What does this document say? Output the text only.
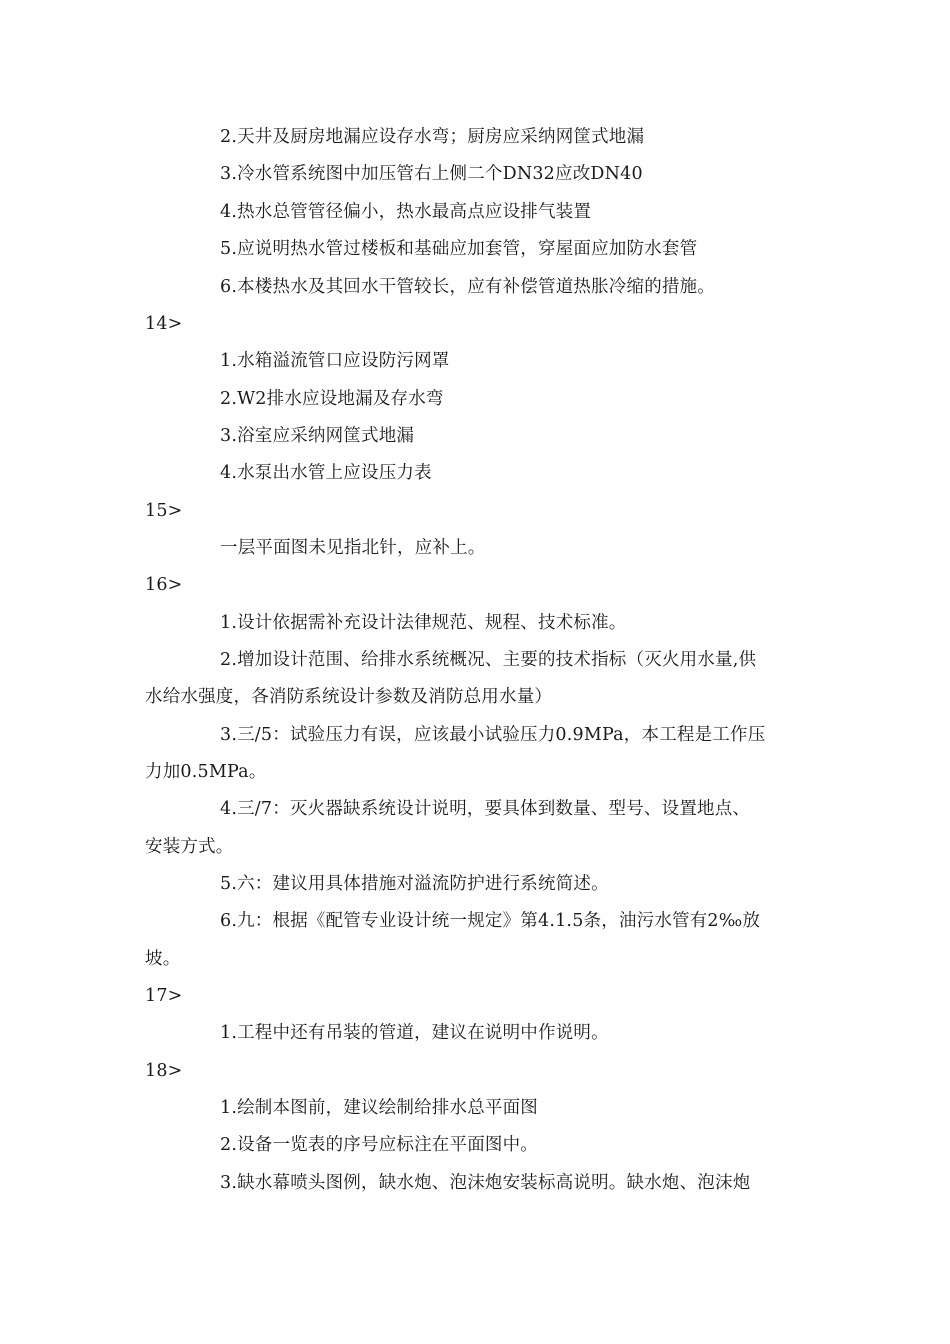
2.天井及厨房地漏应设存水弯；厨房应采纳网筐式地漏
3.冷水管系统图中加压管右上侧二个DN32应改DN40
4.热水总管管径偏小，热水最高点应设排气装置
5.应说明热水管过楼板和基础应加套管，穿屋面应加防水套管
6.本楼热水及其回水干管较长，应有补偿管道热胀冷缩的措施。
14>
1.水箱溢流管口应设防污网罩
2.W2排水应设地漏及存水弯
3.浴室应采纳网筐式地漏
4.水泵出水管上应设压力表
15>
一层平面图未见指北针，应补上。
16>
1.设计依据需补充设计法律规范、规程、技术标准。
2.增加设计范围、给排水系统概况、主要的技术指标（灭火用水量,供
水给水强度，各消防系统设计参数及消防总用水量）
3.三/5：试验压力有误，应该最小试验压力0.9MPa，本工程是工作压
力加0.5MPa。
4.三/7：灭火器缺系统设计说明，要具体到数量、型号、设置地点、
安装方式。
5.六：建议用具体措施对溢流防护进行系统简述。
6.九：根据《配管专业设计统一规定》第4.1.5条，油污水管有2‰放
坡。
17>
1.工程中还有吊装的管道，建议在说明中作说明。
18>
1.绘制本图前，建议绘制给排水总平面图
2.设备一览表的序号应标注在平面图中。
3.缺水幕喷头图例，缺水炮、泡沫炮安装标高说明。缺水炮、泡沫炮
